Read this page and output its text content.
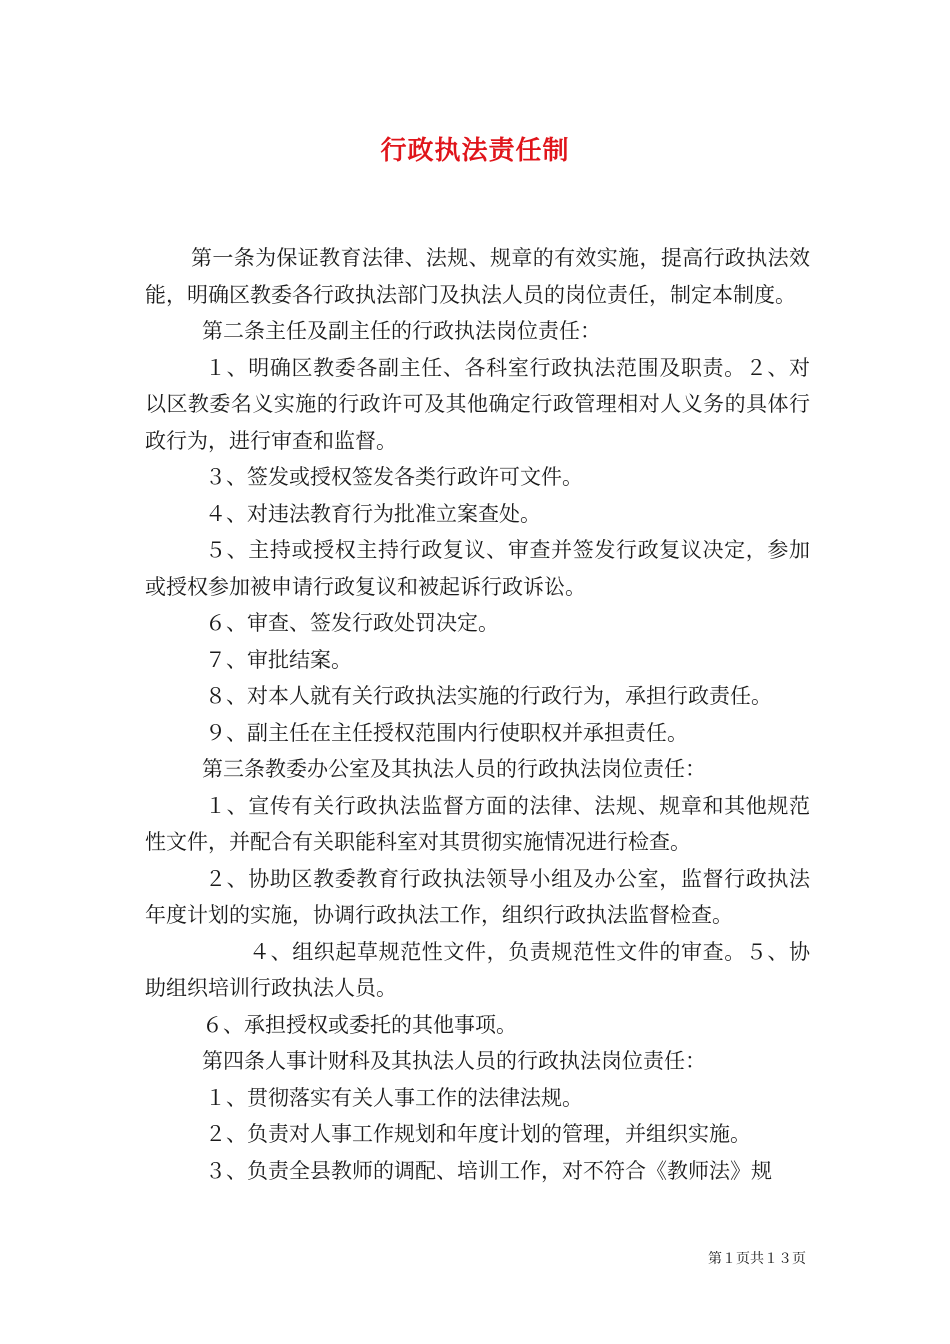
行政执法责任制

第一条为保证教育法律、法规、规章的有效实施，提高行政执法效能，明确区教委各行政执法部门及执法人员的岗位责任，制定本制度。

第二条主任及副主任的行政执法岗位责任：

１、明确区教委各副主任、各科室行政执法范围及职责。２、对以区教委名义实施的行政许可及其他确定行政管理相对人义务的具体行政行为，进行审查和监督。

３、签发或授权签发各类行政许可文件。

４、对违法教育行为批准立案查处。

５、主持或授权主持行政复议、审查并签发行政复议决定，参加或授权参加被申请行政复议和被起诉行政诉讼。

６、审查、签发行政处罚决定。

７、审批结案。

８、对本人就有关行政执法实施的行政行为，承担行政责任。

９、副主任在主任授权范围内行使职权并承担责任。

第三条教委办公室及其执法人员的行政执法岗位责任：

１、宣传有关行政执法监督方面的法律、法规、规章和其他规范性文件，并配合有关职能科室对其贯彻实施情况进行检查。

２、协助区教委教育行政执法领导小组及办公室，监督行政执法年度计划的实施，协调行政执法工作，组织行政执法监督检查。

４、组织起草规范性文件，负责规范性文件的审查。５、协助组织培训行政执法人员。

６、承担授权或委托的其他事项。

第四条人事计财科及其执法人员的行政执法岗位责任：

１、贯彻落实有关人事工作的法律法规。

２、负责对人事工作规划和年度计划的管理，并组织实施。

３、负责全县教师的调配、培训工作，对不符合《教师法》规

第１页共１３页
